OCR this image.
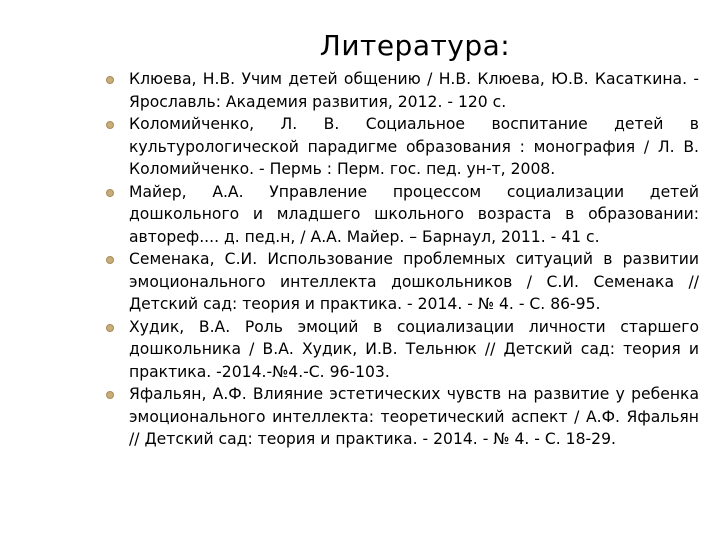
Литература:
Клюева, Н.В. Учим детей общению / Н.В. Клюева, Ю.В. Касаткина. - Ярославль: Академия развития, 2012. - 120 с.
Коломийченко, Л. В. Социальное воспитание детей в культурологической парадигме образования : монография / Л. В. Коломийченко. - Пермь : Перм. гос. пед. ун-т, 2008.
Майер, А.А. Управление процессом социализации детей дошкольного и младшего школьного возраста в образовании: автореф.... д. пед.н, / А.А. Майер. – Барнаул, 2011. - 41 с.
Семенака, С.И. Использование проблемных ситуаций в развитии эмоционального интеллекта дошкольников / С.И. Семенака // Детский сад: теория и практика. - 2014. - № 4. - С. 86-95.
Худик, В.А. Роль эмоций в социализации личности старшего дошкольника / В.А. Худик, И.В. Тельнюк // Детский сад: теория и практика. -2014.-№4.-С. 96-103.
Яфальян, А.Ф. Влияние эстетических чувств на развитие у ребенка эмоционального интеллекта: теоретический аспект / А.Ф. Яфальян // Детский сад: теория и практика. - 2014. - № 4. - С. 18-29.
